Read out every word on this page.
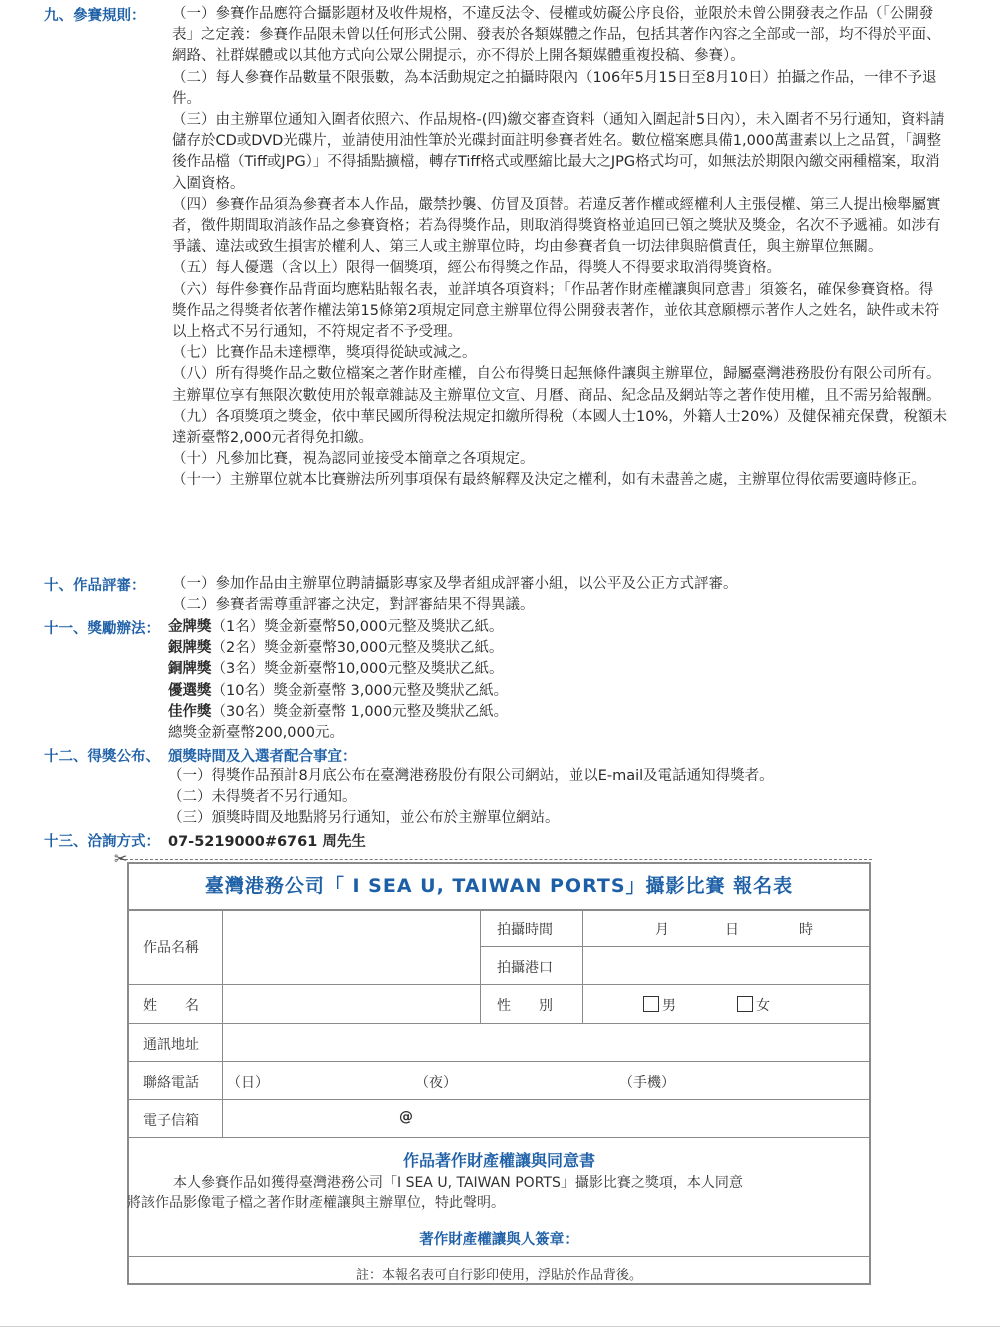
九、參賽規則： （一）參賽作品應符合攝影題材及收件規格，不違反法令、侵權或妨礙公序良俗，並限於未曾公開發表之作品（「公開發表」之定義：參賽作品限未曾以任何形式公開、發表於各類媒體之作品，包括其著作內容之全部或一部，均不得於平面、網路、社群媒體或以其他方式向公眾公開提示，亦不得於上開各類媒體重複投稿、參賽）。

（二）每人參賽作品數量不限張數，為本活動規定之拍攝時限內（106年5月15日至8月10日）拍攝之作品，一律不予退件。

（三）由主辦單位通知入圍者依照六、作品規格-(四)繳交審查資料（通知入圍起計5日內），未入圍者不另行通知，資料請儲存於CD或DVD光碟片，並請使用油性筆於光碟封面註明參賽者姓名。數位檔案應具備1,000萬畫素以上之品質，「調整後作品檔（Tiff或JPG）」不得插點擴檔，轉存Tiff格式或壓縮比最大之JPG格式均可，如無法於期限內繳交兩種檔案，取消入圍資格。

（四）參賽作品須為參賽者本人作品，嚴禁抄襲、仿冒及頂替。若違反著作權或經權利人主張侵權、第三人提出檢舉屬實者，徵件期間取消該作品之參賽資格；若為得獎作品，則取消得獎資格並追回已領之獎狀及獎金，名次不予遞補。如涉有爭議、違法或致生損害於權利人、第三人或主辦單位時，均由參賽者負一切法律與賠償責任，與主辦單位無關。

（五）每人優選（含以上）限得一個獎項，經公布得獎之作品，得獎人不得要求取消得獎資格。

（六）每件參賽作品背面均應粘貼報名表，並詳填各項資料；「作品著作財產權讓與同意書」須簽名，確保參賽資格。得獎作品之得獎者依著作權法第15條第2項規定同意主辦單位得公開發表著作，並依其意願標示著作人之姓名，缺件或未符以上格式不另行通知，不符規定者不予受理。

（七）比賽作品未達標準，獎項得從缺或減之。

（八）所有得獎作品之數位檔案之著作財產權，自公布得獎日起無條件讓與主辦單位，歸屬臺灣港務股份有限公司所有。主辦單位享有無限次數使用於報章雜誌及主辦單位文宣、月曆、商品、紀念品及網站等之著作使用權，且不需另給報酬。

（九）各項獎項之獎金，依中華民國所得稅法規定扣繳所得稅（本國人士10%，外籍人士20%）及健保補充保費，稅額未達新臺幣2,000元者得免扣繳。

（十）凡參加比賽，視為認同並接受本簡章之各項規定。

（十一）主辦單位就本比賽辦法所列事項保有最終解釋及決定之權利，如有未盡善之處，主辦單位得依需要適時修正。

十、作品評審： （一）參加作品由主辦單位聘請攝影專家及學者組成評審小組，以公平及公正方式評審。

（二）參賽者需尊重評審之決定，對評審結果不得異議。

十一、獎勵辦法： 金牌獎（1名）獎金新臺幣50,000元整及獎狀乙紙。

銀牌獎（2名）獎金新臺幣30,000元整及獎狀乙紙。

銅牌獎（3名）獎金新臺幣10,000元整及獎狀乙紙。

優選獎（10名）獎金新臺幣 3,000元整及獎狀乙紙。

佳作獎（30名）獎金新臺幣 1,000元整及獎狀乙紙。

總獎金新臺幣200,000元。

十二、得獎公布、 頒獎時間及入選者配合事宜：

（一）得獎作品預計8月底公布在臺灣港務股份有限公司網站，並以E-mail及電話通知得獎者。

（二）未得獎者不另行通知。

（三）頒獎時間及地點將另行通知，並公布於主辦單位網站。

十三、洽詢方式： 07-5219000#6761 周先生
✂
臺灣港務公司「 I SEA U, TAIWAN PORTS」攝影比賽 報名表
作品名稱
拍攝時間	月	日	時
拍攝港口
姓　　名	性　　別	男	女
通訊地址
聯絡電話 （日）	（夜）	（手機）
電子信箱	@
作品著作財產權讓與同意書

本人參賽作品如獲得臺灣港務公司「I SEA U, TAIWAN PORTS」攝影比賽之獎項，本人同意

將該作品影像電子檔之著作財產權讓與主辦單位，特此聲明。

著作財產權讓與人簽章：
註：本報名表可自行影印使用，浮貼於作品背後。
